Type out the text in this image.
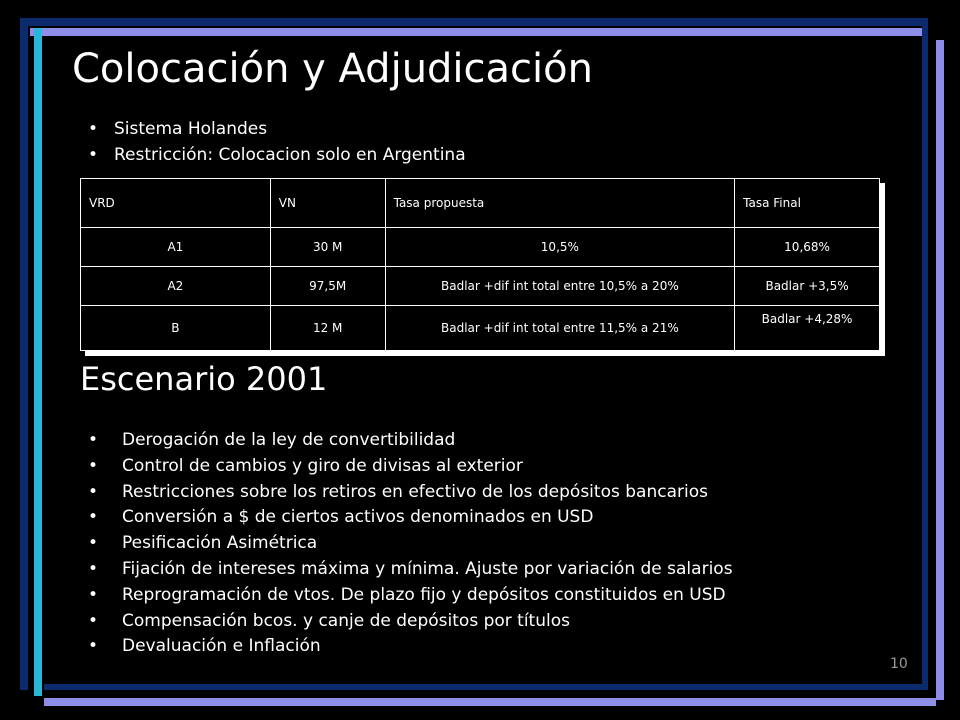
Colocación y Adjudicación
• Sistema Holandes
• Restricción: Colocacion solo en Argentina
VRD	VN	Tasa propuesta	Tasa Final
A1	30 M	10,5%	10,68%
A2	97,5M	Badlar +dif int total entre 10,5% a 20%	Badlar +3,5%
B	12 M	Badlar +dif int total entre 11,5% a 21%	Badlar +4,28%
Escenario 2001
• Derogación de la ley de convertibilidad
• Control de cambios y giro de divisas al exterior
• Restricciones sobre los retiros en efectivo de los depósitos bancarios
• Conversión a $ de ciertos activos denominados en USD
• Pesificación Asimétrica
• Fijación de intereses máxima y mínima. Ajuste por variación de salarios
• Reprogramación de vtos. De plazo fijo y depósitos constituidos en USD
• Compensación bcos. y canje de depósitos por títulos
• Devaluación e Inflación
10
